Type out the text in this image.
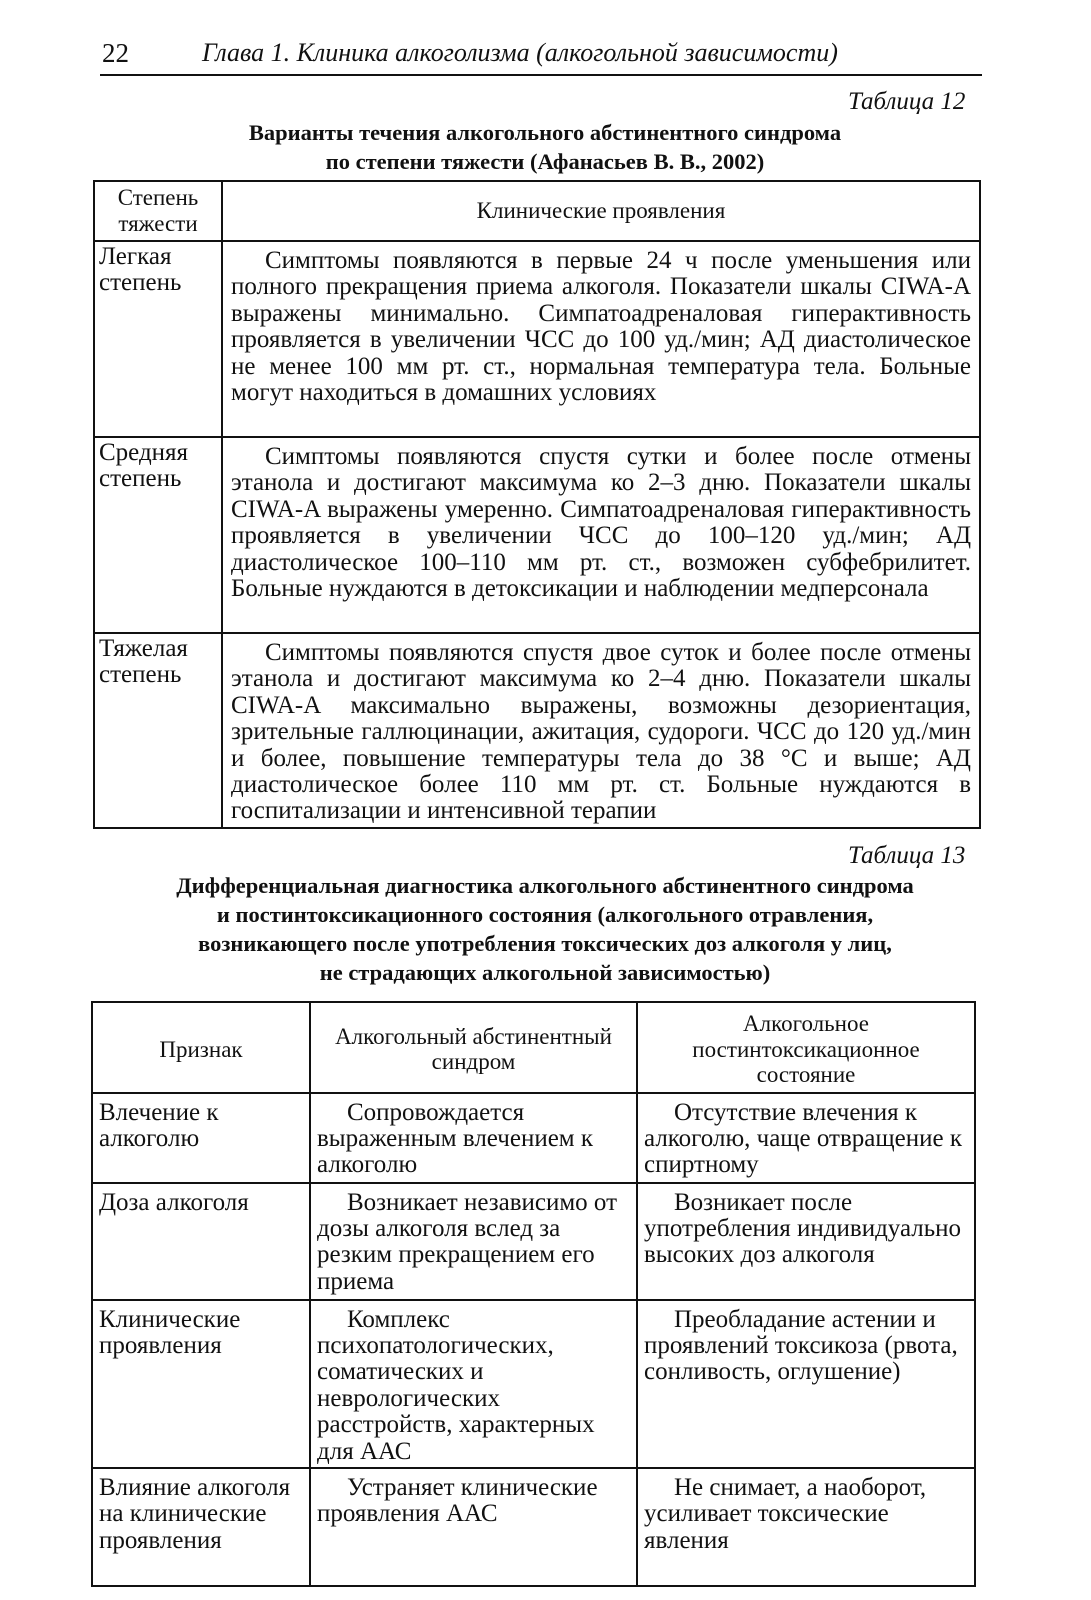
22	Глава 1. Клиника алкоголизма (алкогольной зависимости)
Таблица 12
Варианты течения алкогольного абстинентного синдрома
по степени тяжести (Афанасьев В. В., 2002)
Степень тяжести	Клинические проявления

Легкая степень	Симптомы появляются в первые 24 ч после уменьшения или полного прекращения приема алкоголя. Показатели шкалы CIWA-A выражены минимально. Симпатоадреналовая гиперактивность проявляется в увеличении ЧСС до 100 уд./мин; АД диастолическое не менее 100 мм рт. ст., нормальная температура тела. Больные могут находиться в домашних условиях

Средняя степень	Симптомы появляются спустя сутки и более после отмены этанола и достигают максимума ко 2–3 дню. Показатели шкалы CIWA-A выражены умеренно. Симпатоадреналовая гиперактивность проявляется в увеличении ЧСС до 100–120 уд./мин; АД диастолическое 100–110 мм рт. ст., возможен субфебрилитет. Больные нуждаются в детоксикации и наблюдении медперсонала

Тяжелая степень	Симптомы появляются спустя двое суток и более после отмены этанола и достигают максимума ко 2–4 дню. Показатели шкалы CIWA-A максимально выражены, возможны дезориентация, зрительные галлюцинации, ажитация, судороги. ЧСС до 120 уд./мин и более, повышение температуры тела до 38 °С и выше; АД диастолическое более 110 мм рт. ст. Больные нуждаются в госпитализации и интенсивной терапии
Таблица 13
Дифференциальная диагностика алкогольного абстинентного синдрома
и постинтоксикационного состояния (алкогольного отравления,
возникающего после употребления токсических доз алкоголя у лиц,
не страдающих алкогольной зависимостью)
Признак	Алкогольный абстинентный синдром	Алкогольное постинтоксикационное состояние

Влечение к алкоголю	Сопровождается выраженным влечением к алкоголю	Отсутствие влечения к алкоголю, чаще отвращение к спиртному

Доза алкоголя	Возникает независимо от дозы алкоголя вслед за резким прекращением его приема	Возникает после употребления индивидуально высоких доз алкоголя

Клинические проявления	Комплекс психопатологических, соматических и неврологических расстройств, характерных для ААС	Преобладание астении и проявлений токсикоза (рвота, сонливость, оглушение)

Влияние алкоголя на клинические проявления	Устраняет клинические проявления ААС	Не снимает, а наоборот, усиливает токсические явления
